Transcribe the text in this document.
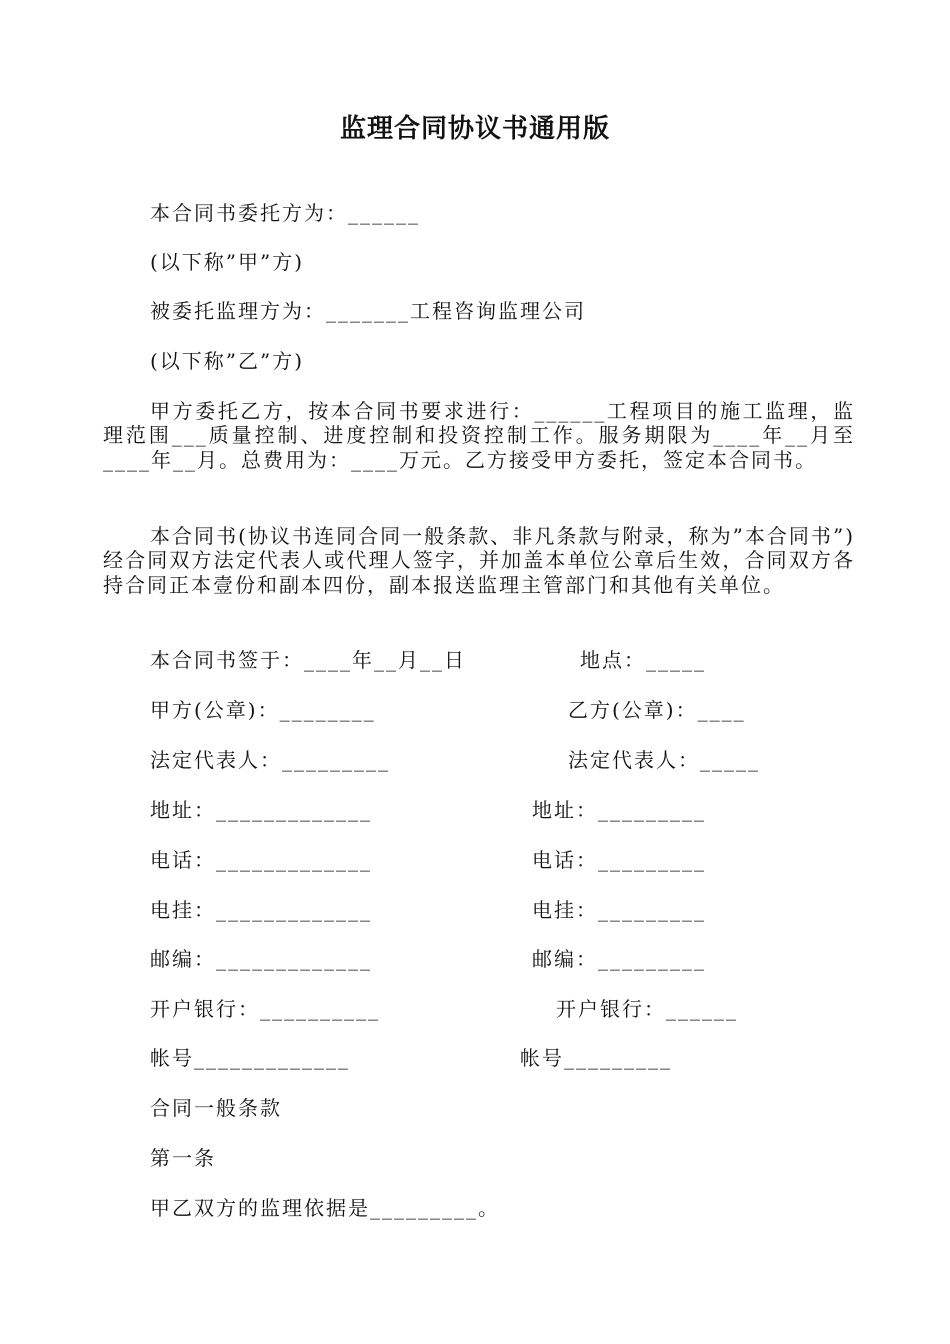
监理合同协议书通用版
本合同书委托方为：______
(以下称”甲”方)
被委托监理方为：_______工程咨询监理公司
(以下称”乙”方)
甲方委托乙方，按本合同书要求进行：______工程项目的施工监理，监理范围___质量控制、进度控制和投资控制工作。服务期限为____年__月至____年__月。总费用为：____万元。乙方接受甲方委托，签定本合同书。
本合同书(协议书连同合同一般条款、非凡条款与附录，称为”本合同书”)经合同双方法定代表人或代理人签字，并加盖本单位公章后生效，合同双方各持合同正本壹份和副本四份，副本报送监理主管部门和其他有关单位。
本合同书签于：____年__月__日	地点：_____
甲方(公章)：________	乙方(公章)：____
法定代表人：_________	法定代表人：_____
地址：_____________	地址：_________
电话：_____________	电话：_________
电挂：_____________	电挂：_________
邮编：_____________	邮编：_________
开户银行：__________	开户银行：______
帐号_____________	帐号_________
合同一般条款
第一条
甲乙双方的监理依据是_________。
